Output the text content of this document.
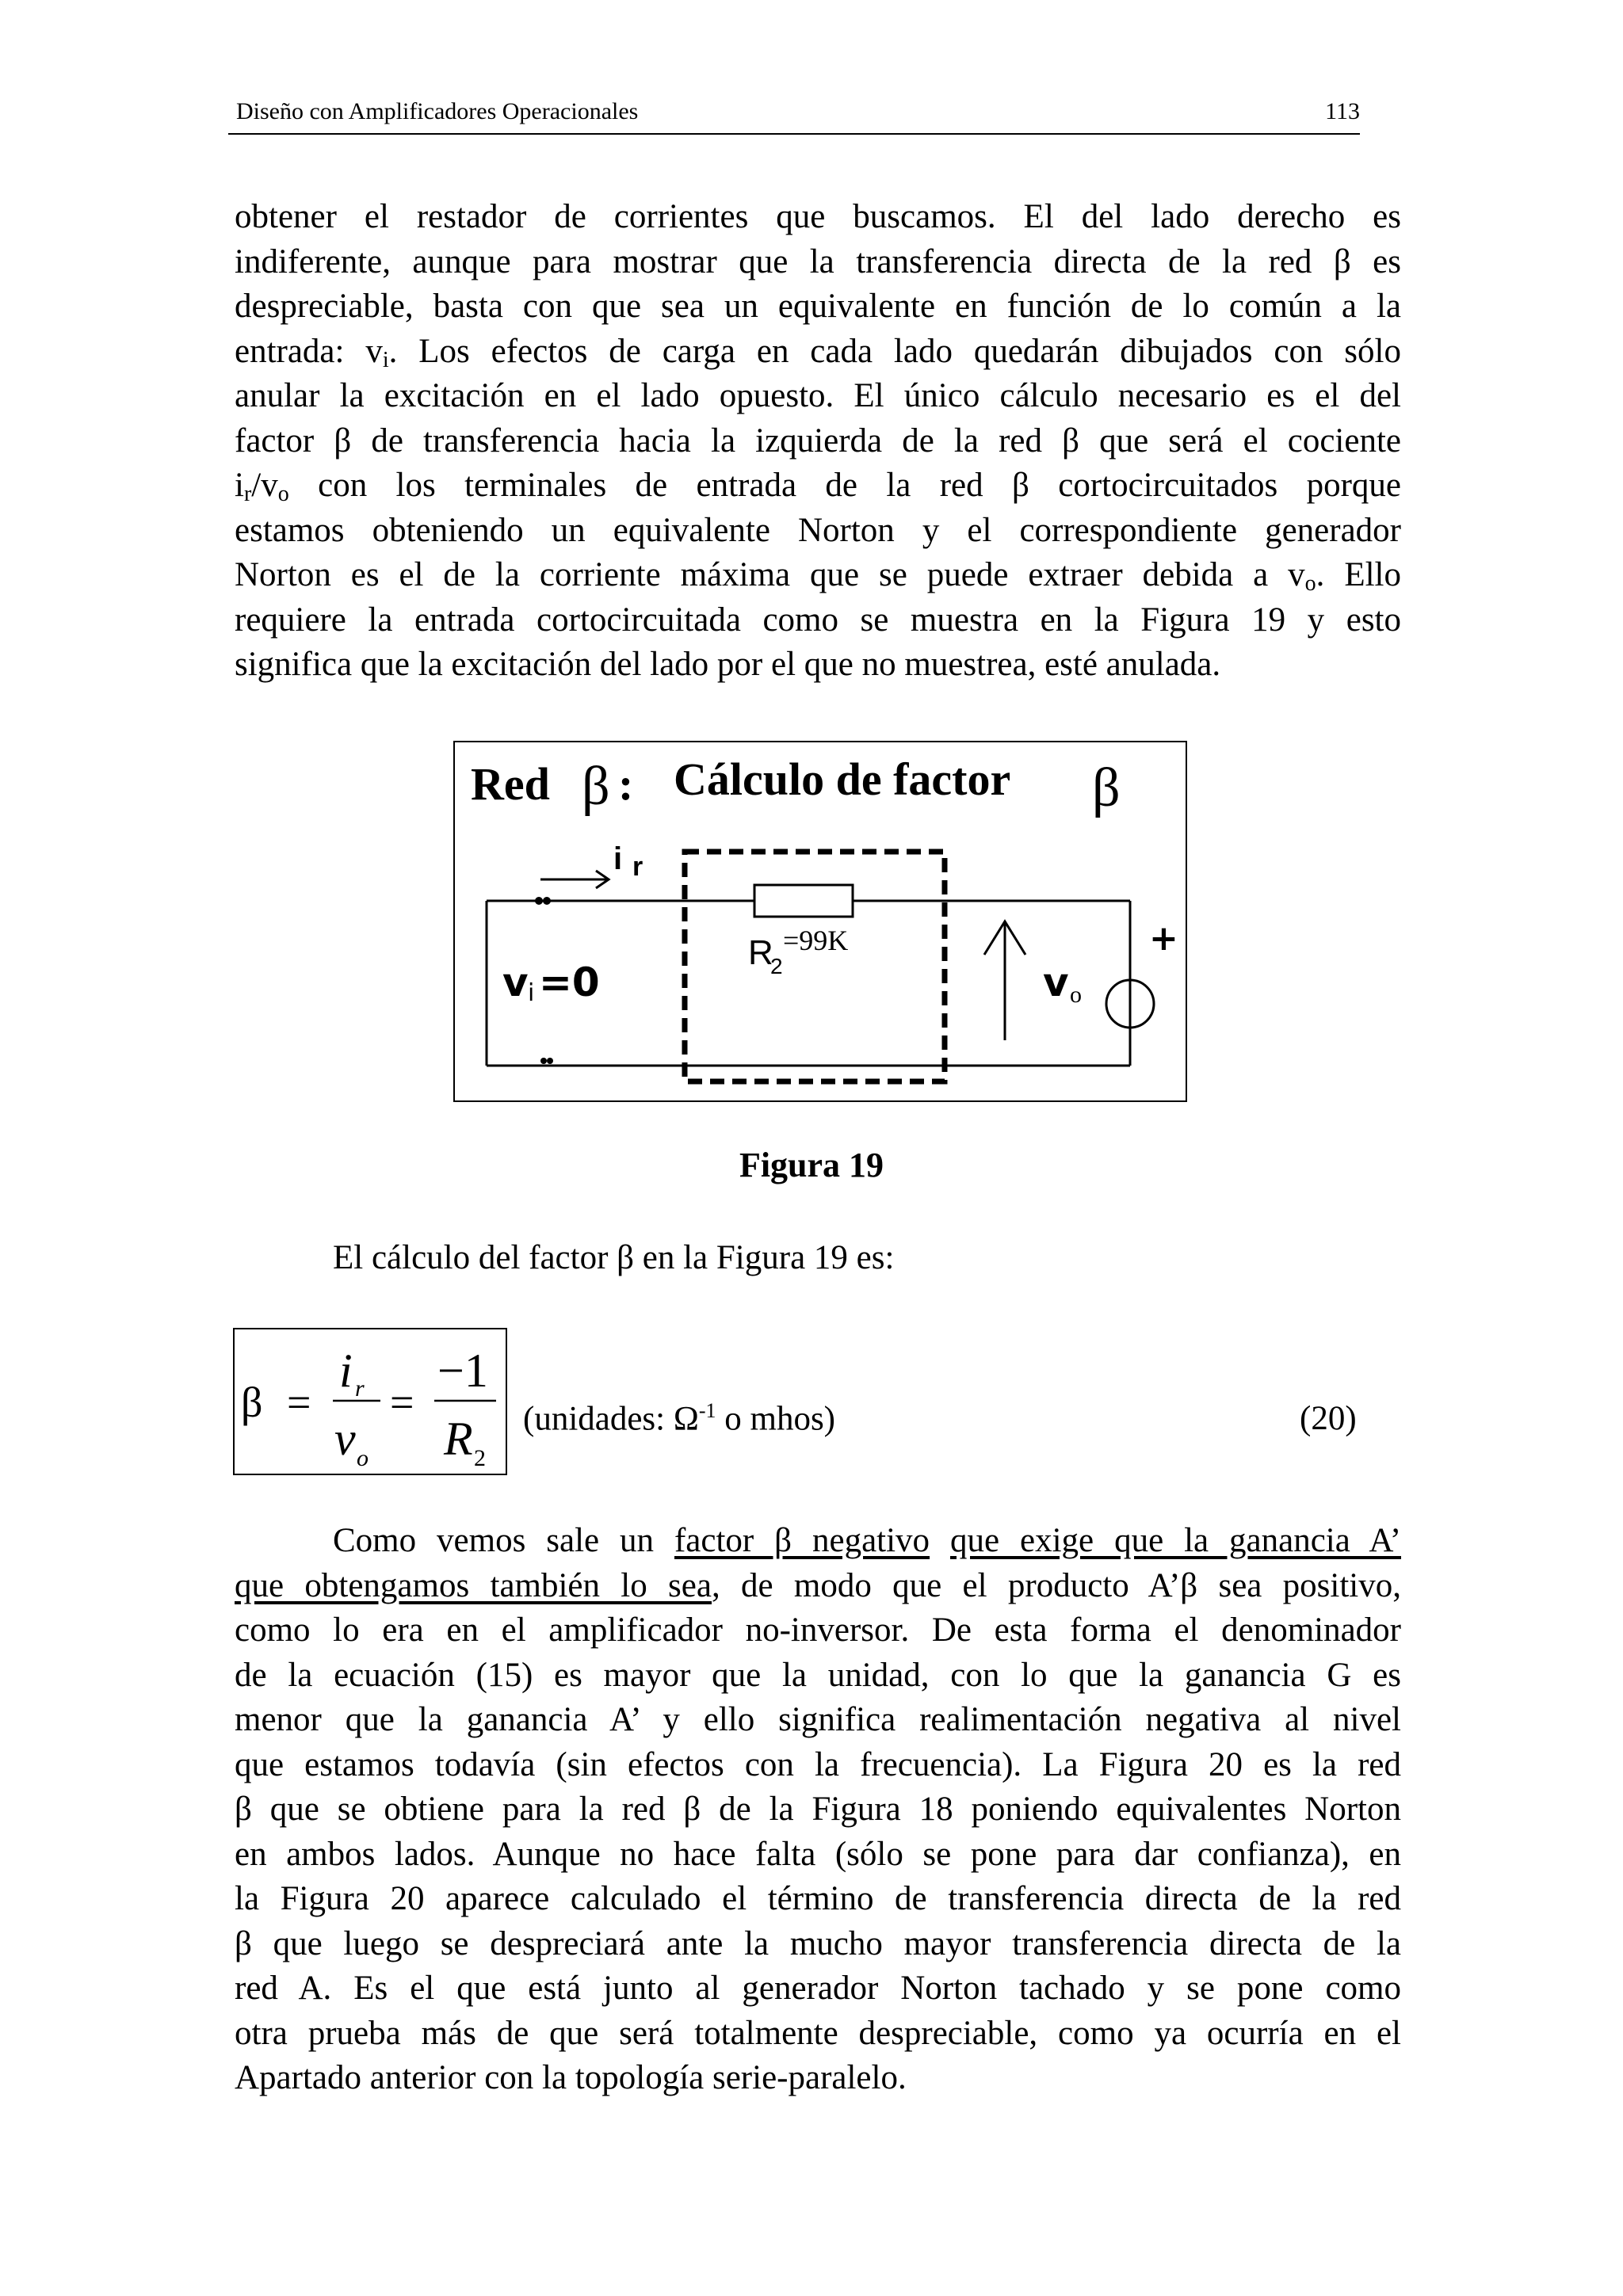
Diseño con Amplificadores Operacionales	113
obtener el restador de corrientes que buscamos. El del lado derecho es
indiferente, aunque para mostrar que la transferencia directa de la red β es
despreciable, basta con que sea un equivalente en función de lo común a la
entrada: $v_i$. Los efectos de carga en cada lado quedarán dibujados con sólo
anular la excitación en el lado opuesto. El único cálculo necesario es el del
factor β de transferencia hacia la izquierda de la red β que será el cociente
$i_r/v_o$ con los terminales de entrada de la red β cortocircuitados porque
estamos obteniendo un equivalente Norton y el correspondiente generador
Norton es el de la corriente máxima que se puede extraer debida a $v_o$. Ello
requiere la entrada cortocircuitada como se muestra en la Figura 19 y esto
significa que la excitación del lado por el que no muestrea, esté anulada.
Red β : Cálculo de factor β
i r
R
2
=99K
v i =0	v o
+
Figura 19
El cálculo del factor β en la Figura 19 es:
β =
i r
v o
=
−1
R 2
(unidades: $\Omega^{-1}$ o mhos)	(20)
Como vemos sale un factor β negativo que exige que la ganancia A’
que obtengamos también lo sea, de modo que el producto A’β sea positivo,
como lo era en el amplificador no-inversor. De esta forma el denominador
de la ecuación (15) es mayor que la unidad, con lo que la ganancia G es
menor que la ganancia A’ y ello significa realimentación negativa al nivel
que estamos todavía (sin efectos con la frecuencia). La Figura 20 es la red
β que se obtiene para la red β de la Figura 18 poniendo equivalentes Norton
en ambos lados. Aunque no hace falta (sólo se pone para dar confianza), en
la Figura 20 aparece calculado el término de transferencia directa de la red
β que luego se despreciará ante la mucho mayor transferencia directa de la
red A. Es el que está junto al generador Norton tachado y se pone como
otra prueba más de que será totalmente despreciable, como ya ocurría en el
Apartado anterior con la topología serie-paralelo.
